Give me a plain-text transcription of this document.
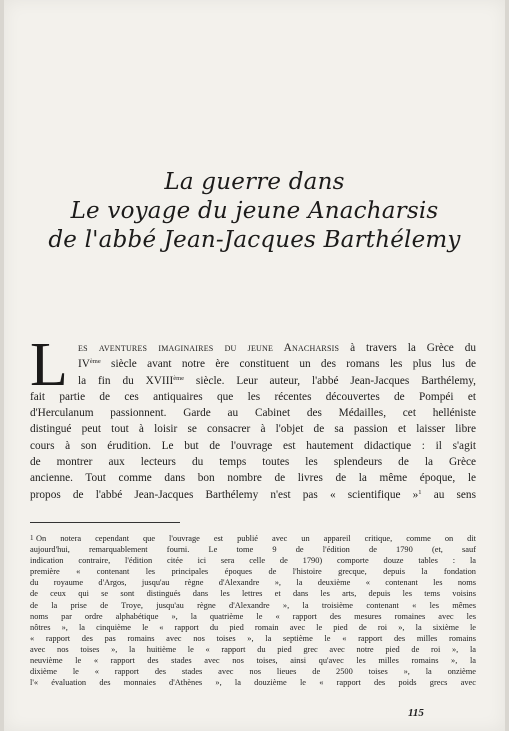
La guerre dans
Le voyage du jeune Anacharsis
de l'abbé Jean-Jacques Barthélemy
L es aventures imaginaires du jeune Anacharsis à travers la Grèce du
IVème siècle avant notre ère constituent un des romans les plus lus de
la fin du XVIIIème siècle. Leur auteur, l'abbé Jean-Jacques Barthélemy,
fait partie de ces antiquaires que les récentes découvertes de Pompéi et
d'Herculanum passionnent. Garde au Cabinet des Médailles, cet helléniste
distingué peut tout à loisir se consacrer à l'objet de sa passion et laisser libre
cours à son érudition. Le but de l'ouvrage est hautement didactique : il s'agit
de montrer aux lecteurs du temps toutes les splendeurs de la Grèce
ancienne. Tout comme dans bon nombre de livres de la même époque, le
propos de l'abbé Jean-Jacques Barthélemy n'est pas « scientifique »$^1$ au sens
1 On notera cependant que l'ouvrage est publié avec un appareil critique, comme on dit
aujourd'hui, remarquablement fourni. Le tome 9 de l'édition de 1790 (et, sauf
indication contraire, l'édition citée ici sera celle de 1790) comporte douze tables : la
première « contenant les principales époques de l'histoire grecque, depuis la fondation
du royaume d'Argos, jusqu'au règne d'Alexandre », la deuxième « contenant les noms
de ceux qui se sont distingués dans les lettres et dans les arts, depuis les tems voisins
de la prise de Troye, jusqu'au règne d'Alexandre », la troisième contenant « les mêmes
noms par ordre alphabétique », la quatrième le « rapport des mesures romaines avec les
nôtres », la cinquième le « rapport du pied romain avec le pied de roi », la sixième le
« rapport des pas romains avec nos toises », la septième le « rapport des milles romains
avec nos toises », la huitième le « rapport du pied grec avec notre pied de roi », la
neuvième le « rapport des stades avec nos toises, ainsi qu'avec les milles romains », la
dixième le « rapport des stades avec nos lieues de 2500 toises », la onzième
l'« évaluation des monnaies d'Athènes », la douzième le « rapport des poids grecs avec
115
